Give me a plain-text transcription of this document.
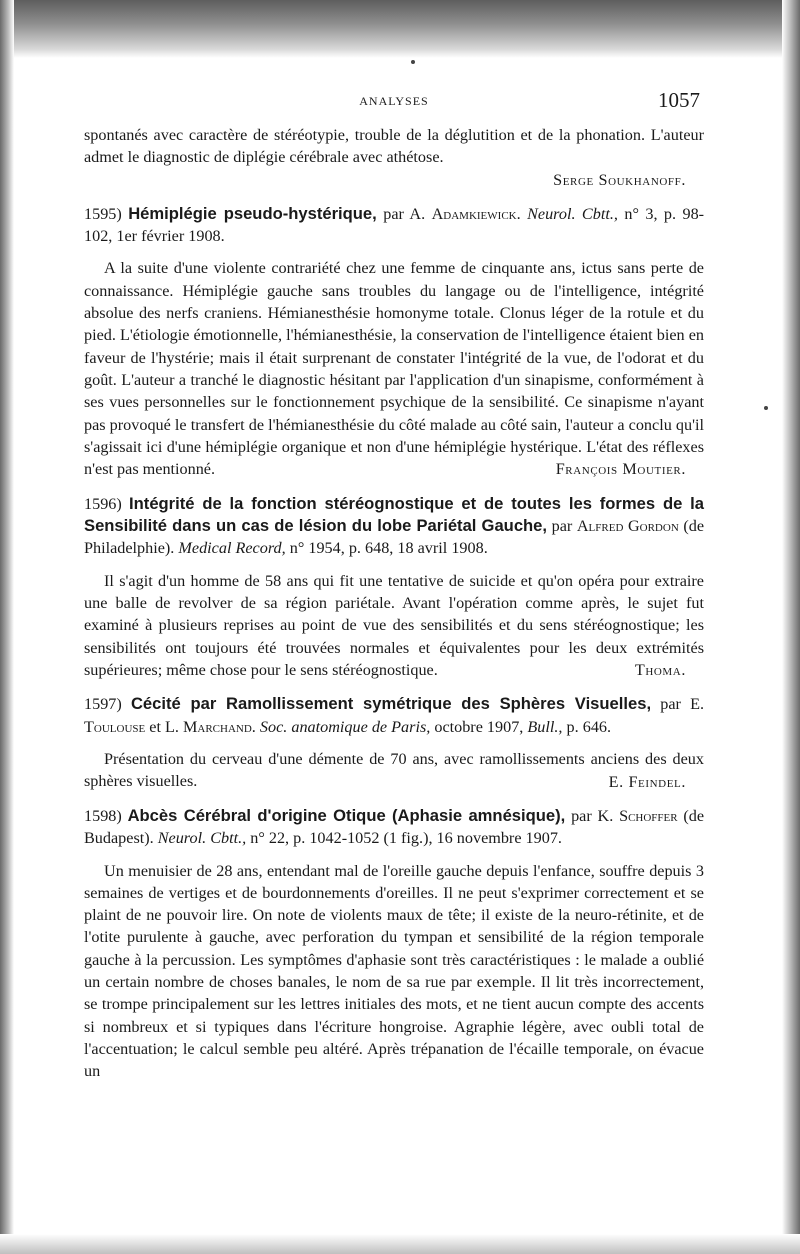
ANALYSES	1057

spontanés avec caractère de stéréotypie, trouble de la déglutition et de la phonation. L'auteur admet le diagnostic de diplégie cérébrale avec athétose.

Serge Soukhanoff.

1595) Hémiplégie pseudo-hystérique, par A. Adamkiewick. Neurol. Cbtt., n° 3, p. 98-102, 1er février 1908.

A la suite d'une violente contrariété chez une femme de cinquante ans, ictus sans perte de connaissance. Hémiplégie gauche sans troubles du langage ou de l'intelligence, intégrité absolue des nerfs craniens. Hémianesthésie homonyme totale. Clonus léger de la rotule et du pied. L'étiologie émotionnelle, l'hémianesthésie, la conservation de l'intelligence étaient bien en faveur de l'hystérie; mais il était surprenant de constater l'intégrité de la vue, de l'odorat et du goût. L'auteur a tranché le diagnostic hésitant par l'application d'un sinapisme, conformément à ses vues personnelles sur le fonctionnement psychique de la sensibilité. Ce sinapisme n'ayant pas provoqué le transfert de l'hémianesthésie du côté malade au côté sain, l'auteur a conclu qu'il s'agissait ici d'une hémiplégie organique et non d'une hémiplégie hystérique. L'état des réflexes n'est pas mentionné.	François Moutier.

1596) Intégrité de la fonction stéréognostique et de toutes les formes de la Sensibilité dans un cas de lésion du lobe Pariétal Gauche, par Alfred Gordon (de Philadelphie). Medical Record, n° 1954, p. 648, 18 avril 1908.

Il s'agit d'un homme de 58 ans qui fit une tentative de suicide et qu'on opéra pour extraire une balle de revolver de sa région pariétale. Avant l'opération comme après, le sujet fut examiné à plusieurs reprises au point de vue des sensibilités et du sens stéréognostique; les sensibilités ont toujours été trouvées normales et équivalentes pour les deux extrémités supérieures; même chose pour le sens stéréognostique.	Thoma.

1597) Cécité par Ramollissement symétrique des Sphères Visuelles, par E. Toulouse et L. Marchand. Soc. anatomique de Paris, octobre 1907, Bull., p. 646.

Présentation du cerveau d'une démente de 70 ans, avec ramollissements anciens des deux sphères visuelles.	E. Feindel.

1598) Abcès Cérébral d'origine Otique (Aphasie amnésique), par K. Schoffer (de Budapest). Neurol. Cbtt., n° 22, p. 1042-1052 (1 fig.), 16 novembre 1907.

Un menuisier de 28 ans, entendant mal de l'oreille gauche depuis l'enfance, souffre depuis 3 semaines de vertiges et de bourdonnements d'oreilles. Il ne peut s'exprimer correctement et se plaint de ne pouvoir lire. On note de violents maux de tête; il existe de la neuro-rétinite, et de l'otite purulente à gauche, avec perforation du tympan et sensibilité de la région temporale gauche à la percussion. Les symptômes d'aphasie sont très caractéristiques : le malade a oublié un certain nombre de choses banales, le nom de sa rue par exemple. Il lit très incorrectement, se trompe principalement sur les lettres initiales des mots, et ne tient aucun compte des accents si nombreux et si typiques dans l'écriture hongroise. Agraphie légère, avec oubli total de l'accentuation; le calcul semble peu altéré. Après trépanation de l'écaille temporale, on évacue un
